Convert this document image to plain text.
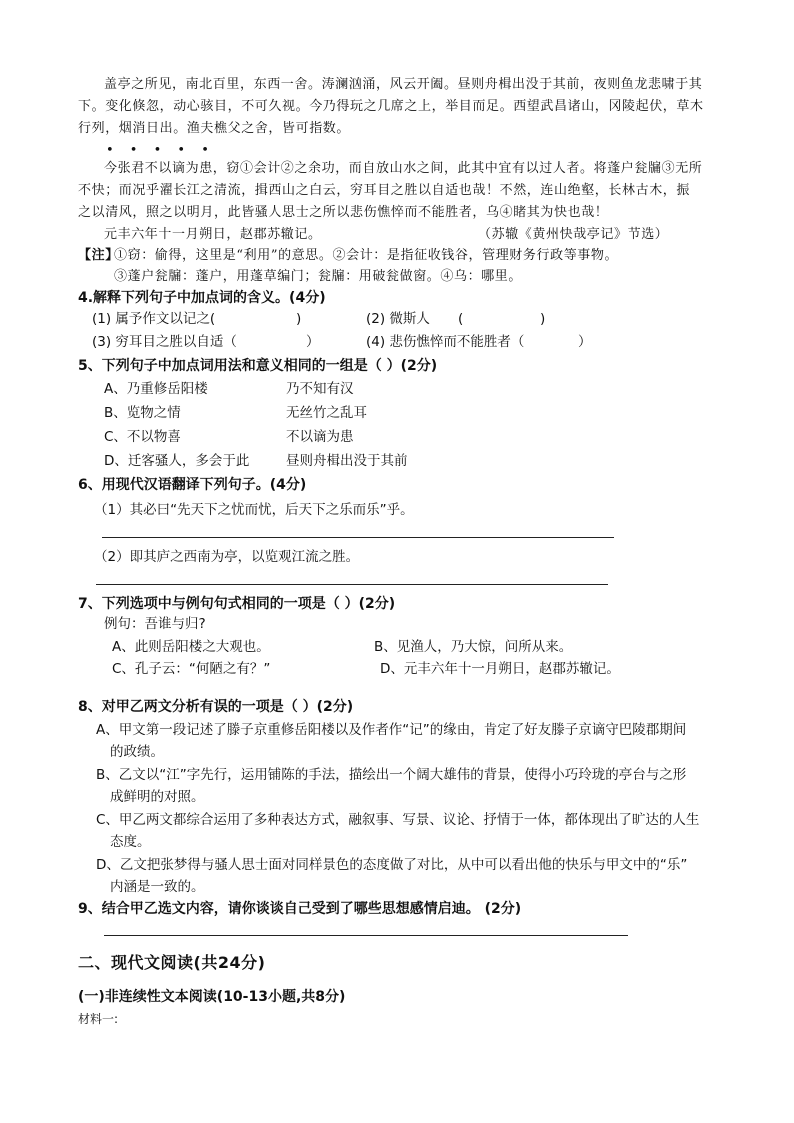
盖亭之所见，南北百里，东西一舍。涛澜汹涌，风云开阖。昼则舟楫出没于其前，夜则鱼龙悲啸于其
下。变化倏忽，动心骇目，不可久视。今乃得玩之几席之上，举目而足。西望武昌诸山，冈陵起伏，草木
行列，烟消日出。渔夫樵父之舍，皆可指数。
• • • • •
今张君不以谪为患，窃①会计②之余功，而自放山水之间，此其中宜有以过人者。将蓬户瓮牖③无所
不快；而况乎濯长江之清流，揖西山之白云，穷耳目之胜以自适也哉！不然，连山绝壑，长林古木，振
之以清风，照之以明月，此皆骚人思士之所以悲伤憔悴而不能胜者，乌④睹其为快也哉！
元丰六年十一月朔日，赵郡苏辙记。	（苏辙《黄州快哉亭记》节选）
【注】
①窃：偷得，这里是“利用”的意思。②会计：是指征收钱谷，管理财务行政等事物。
③蓬户瓮牖：蓬户，用蓬草编门；瓮牖：用破瓮做窗。④乌：哪里。
4.解释下列句子中加点词的含义。(4分)
(1) 属予作文以记之(	)	(2) 微斯人 (	)
(3) 穷耳目之胜以自适（	）	(4) 悲伤憔悴而不能胜者（	）
5、下列句子中加点词用法和意义相同的一组是（ ）(2分)
A、乃重修岳阳楼	乃不知有汉
B、览物之情	无丝竹之乱耳
C、不以物喜	不以谪为患
D、迁客骚人，多会于此	昼则舟楫出没于其前
6、用现代汉语翻译下列句子。(4分)
（1）其必曰“先天下之忧而忧，后天下之乐而乐”乎。
（2）即其庐之西南为亭，以览观江流之胜。
7、下列选项中与例句句式相同的一项是（ ）(2分)
例句：吾谁与归?
A、此则岳阳楼之大观也。	B、见渔人，乃大惊，问所从来。
C、孔子云：“何陋之有？”	D、元丰六年十一月朔日，赵郡苏辙记。
8、对甲乙两文分析有误的一项是（ ）(2分)
A、甲文第一段记述了滕子京重修岳阳楼以及作者作“记”的缘由，肯定了好友滕子京谪守巴陵郡期间
的政绩。
B、乙文以“江”字先行，运用铺陈的手法，描绘出一个阔大雄伟的背景，使得小巧玲珑的亭台与之形
成鲜明的对照。
C、甲乙两文都综合运用了多种表达方式，融叙事、写景、议论、抒情于一体，都体现出了旷达的人生
态度。
D、乙文把张梦得与骚人思士面对同样景色的态度做了对比，从中可以看出他的快乐与甲文中的“乐”
内涵是一致的。
9、结合甲乙选文内容，请你谈谈自己受到了哪些思想感情启迪。 (2分)
二、现代文阅读(共24分)
(一)非连续性文本阅读(10-13小题,共8分)
材料一:
